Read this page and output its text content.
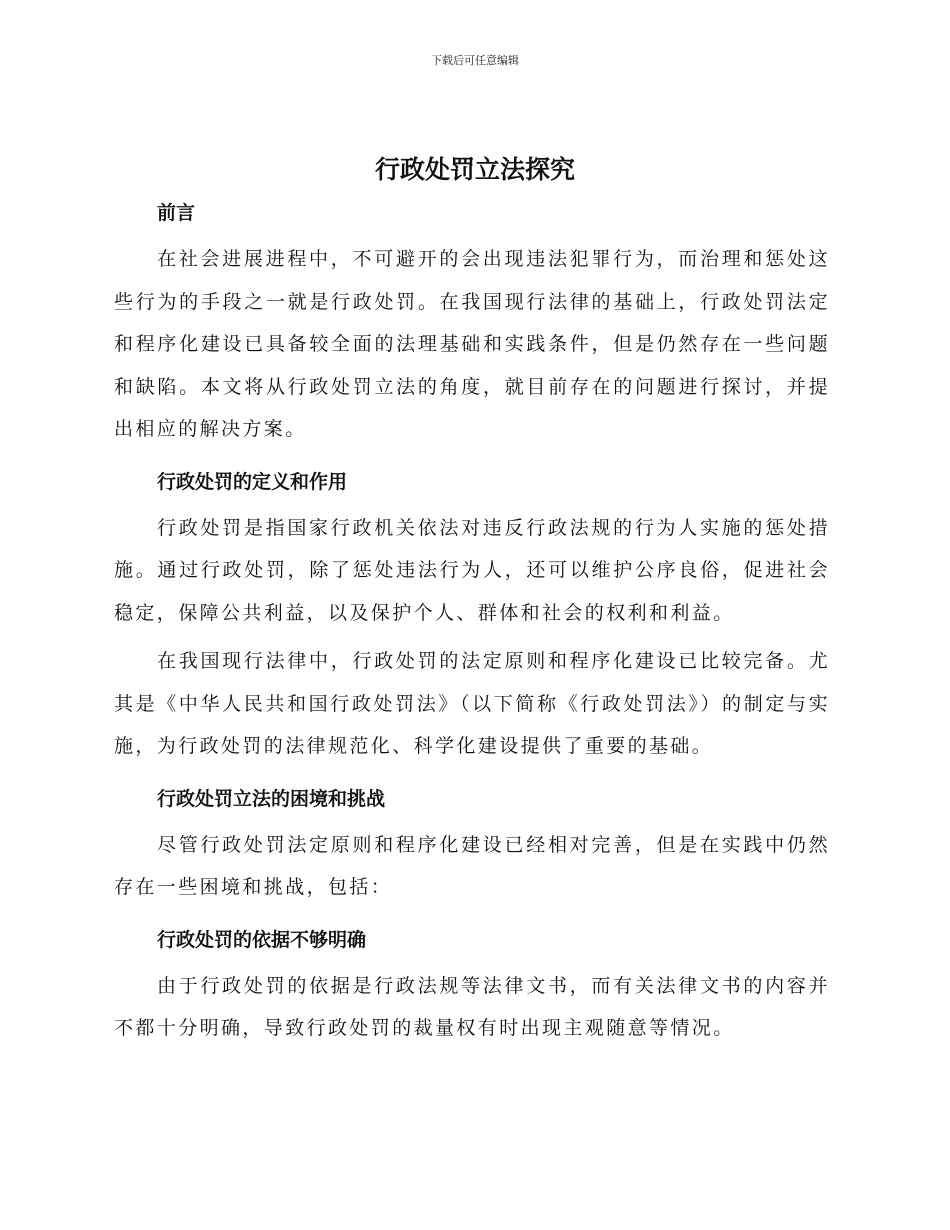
下载后可任意编辑
行政处罚立法探究

前言

在社会进展进程中，不可避开的会出现违法犯罪行为，而治理和惩处这些行为的手段之一就是行政处罚。在我国现行法律的基础上，行政处罚法定和程序化建设已具备较全面的法理基础和实践条件，但是仍然存在一些问题和缺陷。本文将从行政处罚立法的角度，就目前存在的问题进行探讨，并提出相应的解决方案。

行政处罚的定义和作用

行政处罚是指国家行政机关依法对违反行政法规的行为人实施的惩处措施。通过行政处罚，除了惩处违法行为人，还可以维护公序良俗，促进社会稳定，保障公共利益，以及保护个人、群体和社会的权利和利益。

在我国现行法律中，行政处罚的法定原则和程序化建设已比较完备。尤其是《中华人民共和国行政处罚法》（以下简称《行政处罚法》）的制定与实施，为行政处罚的法律规范化、科学化建设提供了重要的基础。

行政处罚立法的困境和挑战

尽管行政处罚法定原则和程序化建设已经相对完善，但是在实践中仍然存在一些困境和挑战，包括：

行政处罚的依据不够明确

由于行政处罚的依据是行政法规等法律文书，而有关法律文书的内容并不都十分明确，导致行政处罚的裁量权有时出现主观随意等情况。
